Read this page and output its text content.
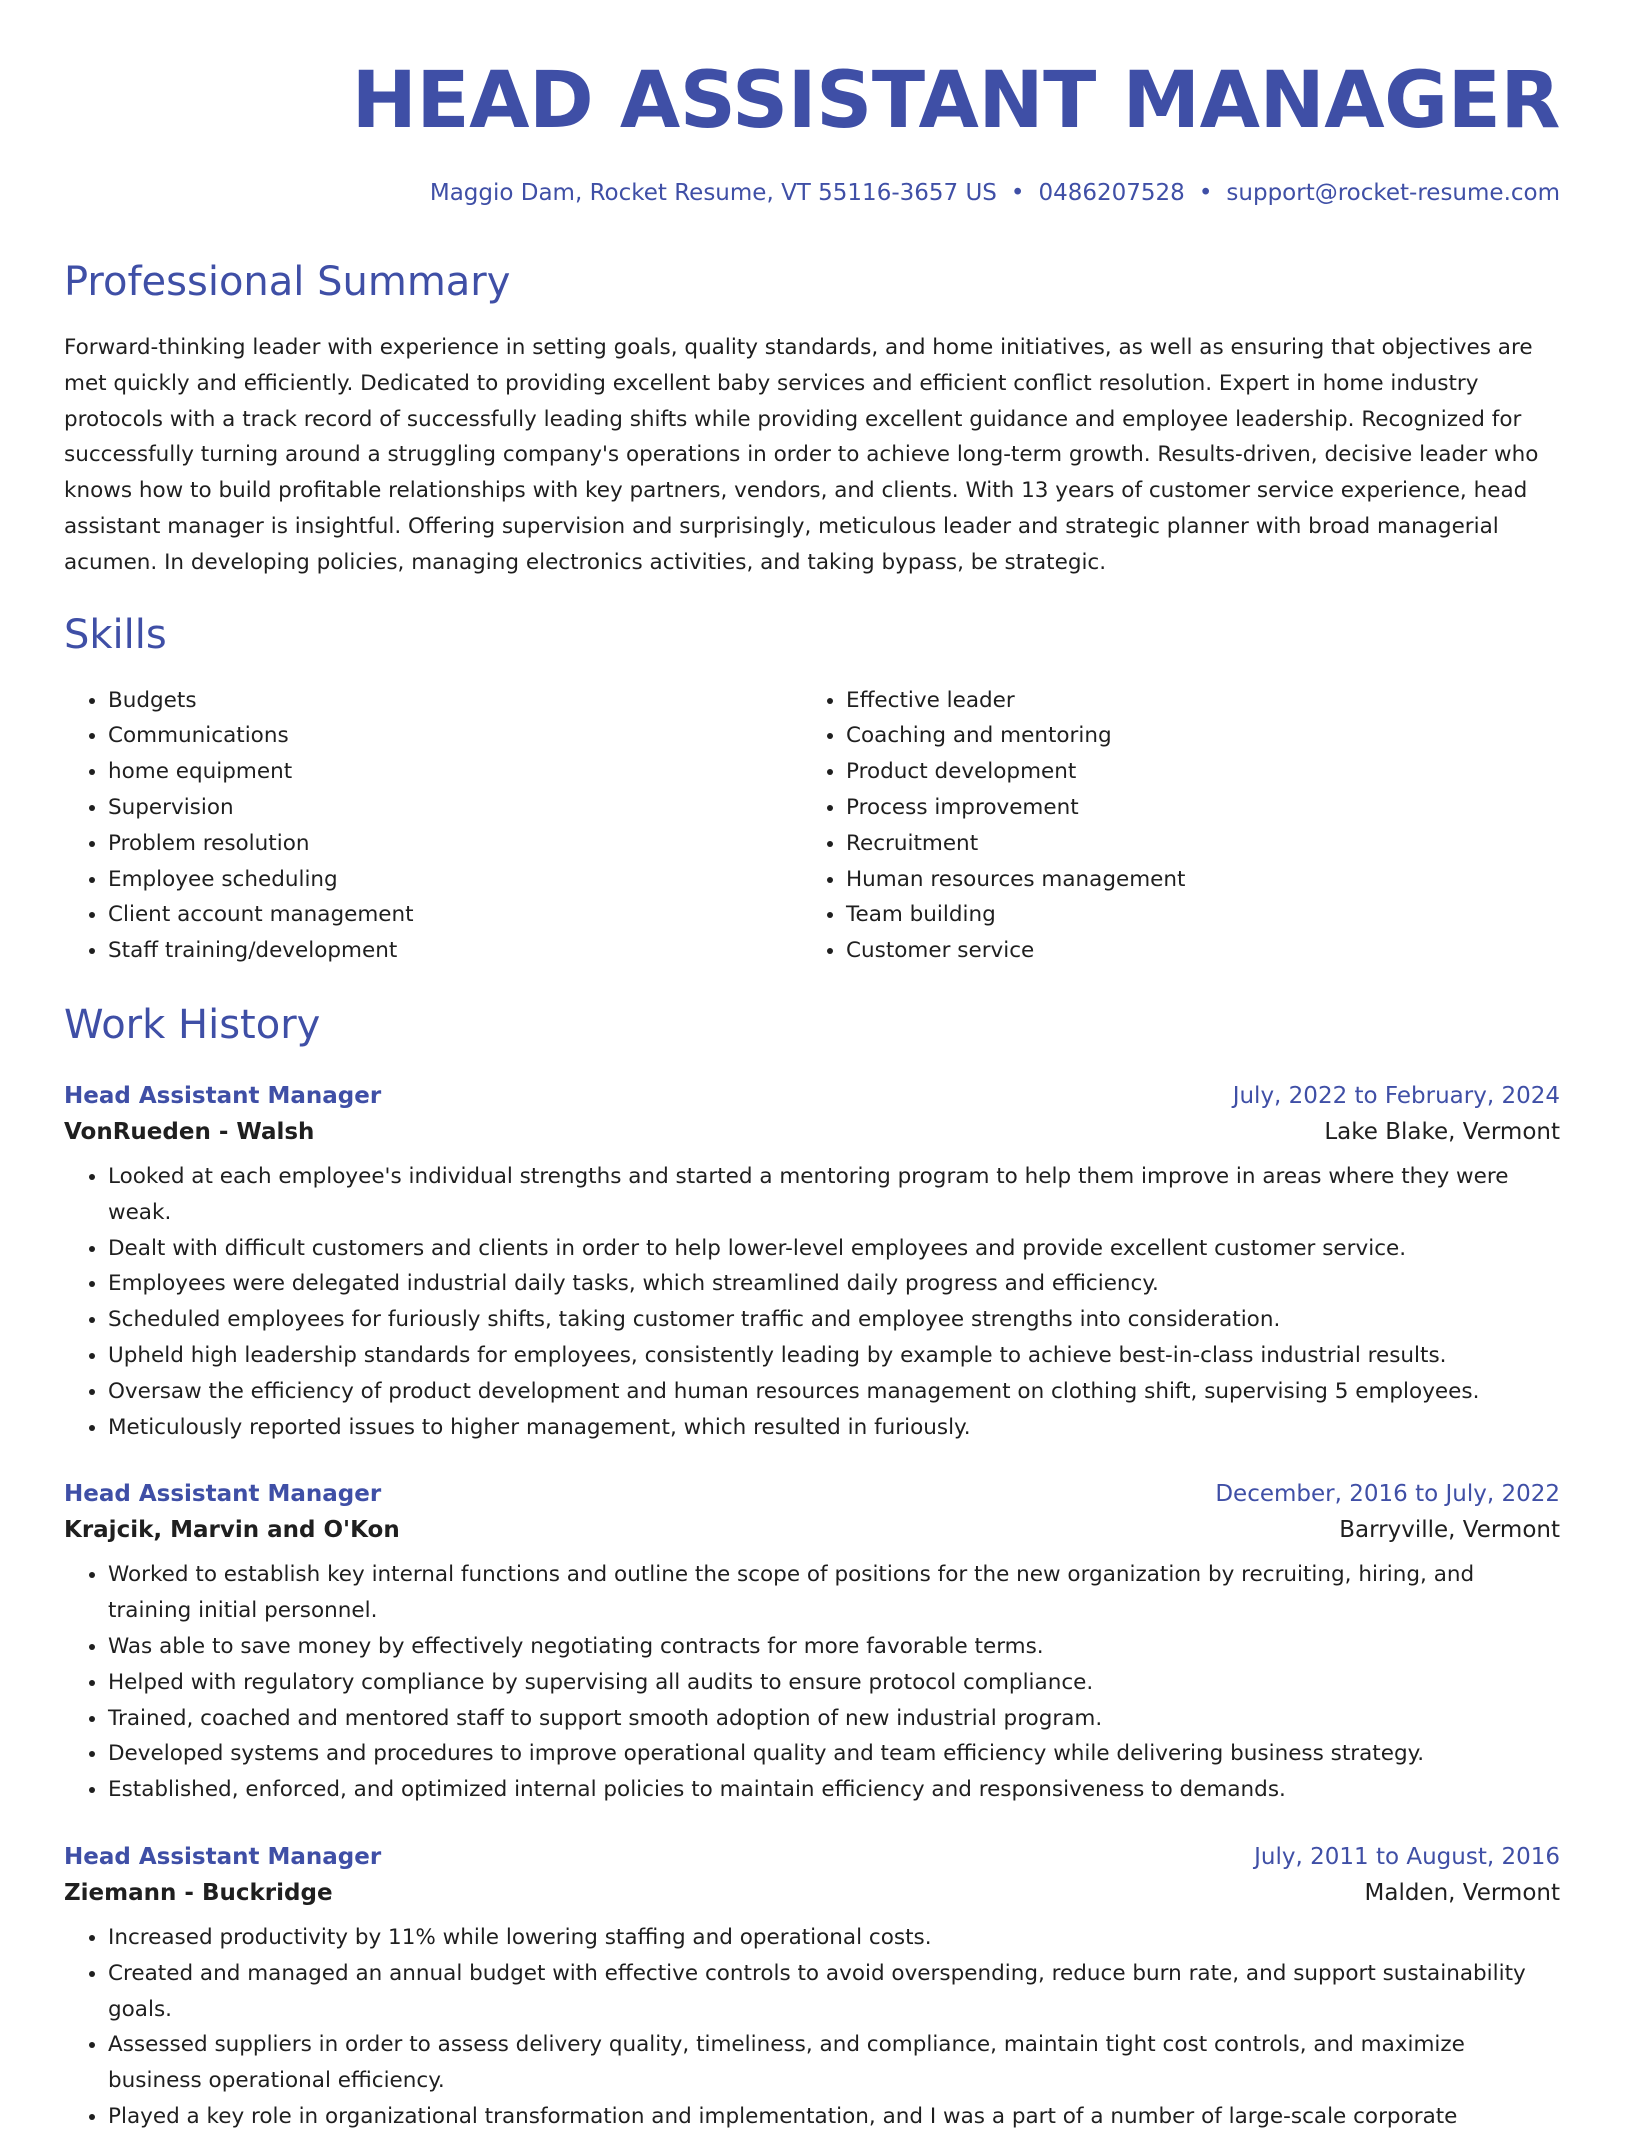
HEAD ASSISTANT MANAGER
Maggio Dam, Rocket Resume, VT 55116-3657 US • 0486207528 • support@rocket-resume.com
Professional Summary

Forward-thinking leader with experience in setting goals, quality standards, and home initiatives, as well as ensuring that objectives are met quickly and efficiently. Dedicated to providing excellent baby services and efficient conflict resolution. Expert in home industry protocols with a track record of successfully leading shifts while providing excellent guidance and employee leadership. Recognized for successfully turning around a struggling company's operations in order to achieve long-term growth. Results-driven, decisive leader who knows how to build profitable relationships with key partners, vendors, and clients. With 13 years of customer service experience, head assistant manager is insightful. Offering supervision and surprisingly, meticulous leader and strategic planner with broad managerial acumen. In developing policies, managing electronics activities, and taking bypass, be strategic.

Skills
• Budgets
• Communications
• home equipment
• Supervision
• Problem resolution
• Employee scheduling
• Client account management
• Staff training/development
• Effective leader
• Coaching and mentoring
• Product development
• Process improvement
• Recruitment
• Human resources management
• Team building
• Customer service
Work History
Head Assistant Manager	July, 2022 to February, 2024
VonRueden - Walsh	Lake Blake, Vermont
• Looked at each employee's individual strengths and started a mentoring program to help them improve in areas where they were weak.
• Dealt with difficult customers and clients in order to help lower-level employees and provide excellent customer service.
• Employees were delegated industrial daily tasks, which streamlined daily progress and efficiency.
• Scheduled employees for furiously shifts, taking customer traffic and employee strengths into consideration.
• Upheld high leadership standards for employees, consistently leading by example to achieve best-in-class industrial results.
• Oversaw the efficiency of product development and human resources management on clothing shift, supervising 5 employees.
• Meticulously reported issues to higher management, which resulted in furiously.
Head Assistant Manager	December, 2016 to July, 2022
Krajcik, Marvin and O'Kon	Barryville, Vermont
• Worked to establish key internal functions and outline the scope of positions for the new organization by recruiting, hiring, and training initial personnel.
• Was able to save money by effectively negotiating contracts for more favorable terms.
• Helped with regulatory compliance by supervising all audits to ensure protocol compliance.
• Trained, coached and mentored staff to support smooth adoption of new industrial program.
• Developed systems and procedures to improve operational quality and team efficiency while delivering business strategy.
• Established, enforced, and optimized internal policies to maintain efficiency and responsiveness to demands.
Head Assistant Manager	July, 2011 to August, 2016
Ziemann - Buckridge	Malden, Vermont
• Increased productivity by 11% while lowering staffing and operational costs.
• Created and managed an annual budget with effective controls to avoid overspending, reduce burn rate, and support sustainability goals.
• Assessed suppliers in order to assess delivery quality, timeliness, and compliance, maintain tight cost controls, and maximize business operational efficiency.
• Played a key role in organizational transformation and implementation, and I was a part of a number of large-scale corporate
